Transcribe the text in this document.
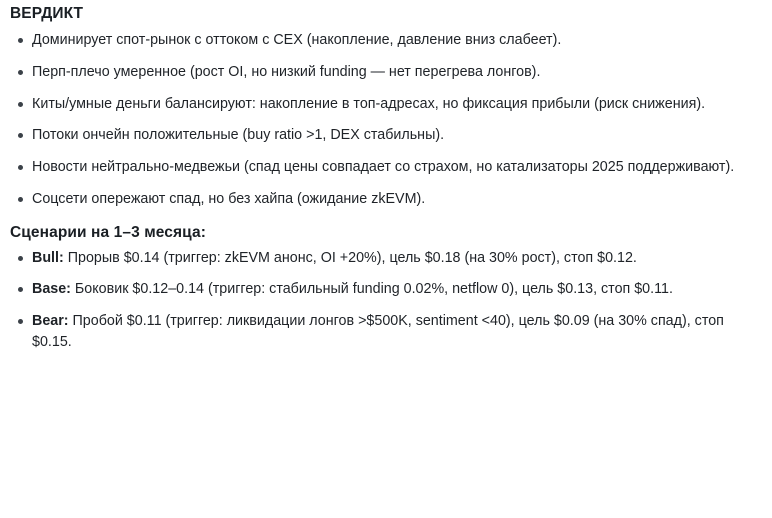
ВЕРДИКТ
Доминирует спот-рынок с оттоком с CEX (накопление, давление вниз слабеет).
Перп-плечо умеренное (рост OI, но низкий funding — нет перегрева лонгов).
Киты/умные деньги балансируют: накопление в топ-адресах, но фиксация прибыли (риск снижения).
Потоки ончейн положительные (buy ratio >1, DEX стабильны).
Новости нейтрально-медвежьи (спад цены совпадает со страхом, но катализаторы 2025 поддерживают).
Соцсети опережают спад, но без хайпа (ожидание zkEVM).
Сценарии на 1–3 месяца:
Bull: Прорыв $0.14 (триггер: zkEVM анонс, OI +20%), цель $0.18 (на 30% рост), стоп $0.12.
Base: Боковик $0.12–0.14 (триггер: стабильный funding 0.02%, netflow 0), цель $0.13, стоп $0.11.
Bear: Пробой $0.11 (триггер: ликвидации лонгов >$500K, sentiment <40), цель $0.09 (на 30% спад), стоп $0.15.
